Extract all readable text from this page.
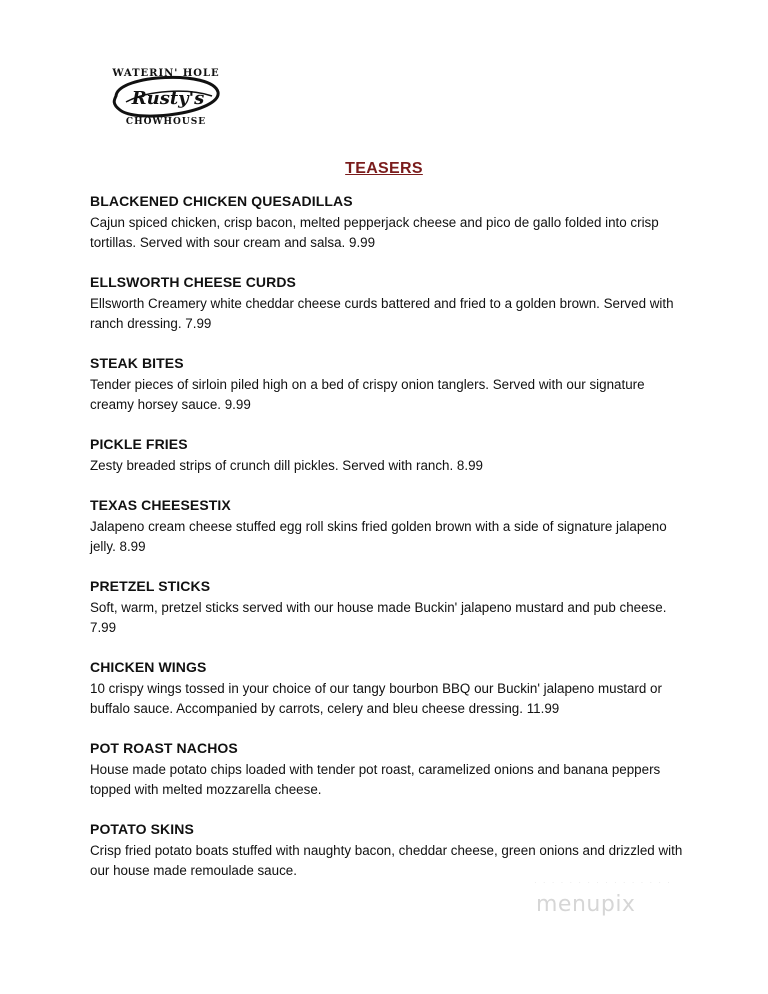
WATERIN' HOLE
Rusty's
CHOWHOUSE
TEASERS
BLACKENED CHICKEN QUESADILLAS
Cajun spiced chicken, crisp bacon, melted pepperjack cheese and pico de gallo folded into crisp tortillas. Served with sour cream and salsa. 9.99
ELLSWORTH CHEESE CURDS
Ellsworth Creamery white cheddar cheese curds battered and fried to a golden brown. Served with ranch dressing. 7.99
STEAK BITES
Tender pieces of sirloin piled high on a bed of crispy onion tanglers. Served with our signature creamy horsey sauce. 9.99
PICKLE FRIES
Zesty breaded strips of crunch dill pickles. Served with ranch. 8.99
TEXAS CHEESESTIX
Jalapeno cream cheese stuffed egg roll skins fried golden brown with a side of signature jalapeno jelly. 8.99
PRETZEL STICKS
Soft, warm, pretzel sticks served with our house made Buckin' jalapeno mustard and pub cheese. 7.99
CHICKEN WINGS
10 crispy wings tossed in your choice of our tangy bourbon BBQ our Buckin' jalapeno mustard or buffalo sauce. Accompanied by carrots, celery and bleu cheese dressing. 11.99
POT ROAST NACHOS
House made potato chips loaded with tender pot roast, caramelized onions and banana peppers topped with melted mozzarella cheese.
POTATO SKINS
Crisp fried potato boats stuffed with naughty bacon, cheddar cheese, green onions and drizzled with our house made remoulade sauce.
· · · · · · · · · · · · · · · ·
menupix
